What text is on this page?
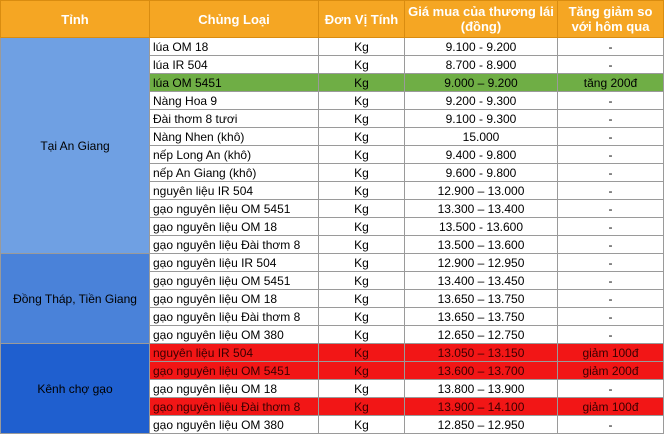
Tỉnh	Chủng Loại	Đơn Vị Tính	Giá mua của thương lái (đồng)	Tăng giảm so với hôm qua
Tại An Giang	lúa OM 18	Kg	9.100 - 9.200	-
	lúa IR 504	Kg	8.700 - 8.900	-
	lúa OM 5451	Kg	9.000 – 9.200	tăng 200đ
	Nàng Hoa 9	Kg	9.200 - 9.300	-
	Đài thơm 8 tươi	Kg	9.100 - 9.300	-
	Nàng Nhen (khô)	Kg	15.000	-
	nếp Long An (khô)	Kg	9.400 - 9.800	-
	nếp An Giang (khô)	Kg	9.600 - 9.800	-
	nguyên liệu IR 504	Kg	12.900 – 13.000	-
	gạo nguyên liệu OM 5451	Kg	13.300 – 13.400	-
	gạo nguyên liệu OM 18	Kg	13.500 - 13.600	-
	gạo nguyên liệu Đài thơm 8	Kg	13.500 – 13.600	-
Đồng Tháp, Tiền Giang	gạo nguyên liệu IR 504	Kg	12.900 – 12.950	-
	gạo nguyên liệu OM 5451	Kg	13.400 – 13.450	-
	gạo nguyên liệu OM 18	Kg	13.650 – 13.750	-
	gạo nguyên liệu Đài thơm 8	Kg	13.650 – 13.750	-
	gạo nguyên liệu OM 380	Kg	12.650 – 12.750	-
Kênh chợ gạo	nguyên liệu IR 504	Kg	13.050 – 13.150	giảm 100đ
	gạo nguyên liệu OM 5451	Kg	13.600 – 13.700	giảm 200đ
	gạo nguyên liệu OM 18	Kg	13.800 – 13.900	-
	gạo nguyên liệu Đài thơm 8	Kg	13.900 – 14.100	giảm 100đ
	gạo nguyên liệu OM 380	Kg	12.850 – 12.950	-
